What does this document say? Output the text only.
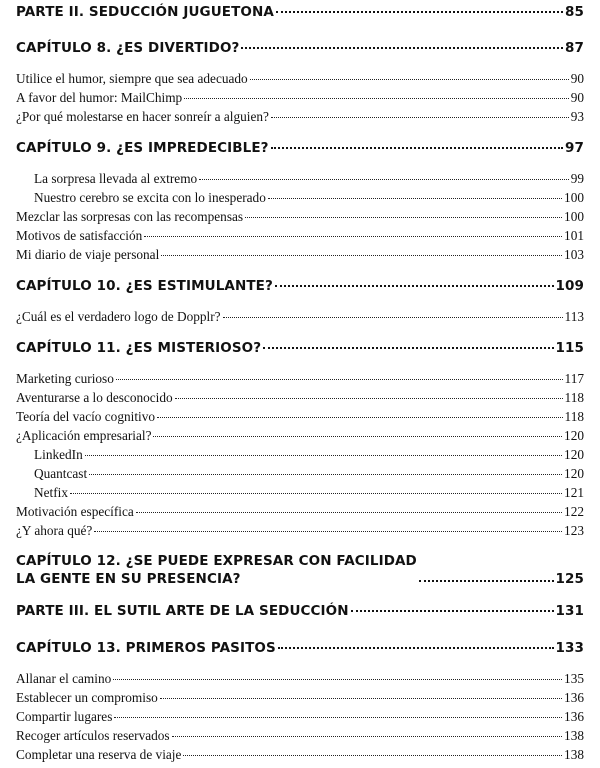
PARTE II. SEDUCCIÓN JUGUETONA	85
CAPÍTULO 8. ¿ES DIVERTIDO?	87
Utilice el humor, siempre que sea adecuado	90
A favor del humor: MailChimp	90
¿Por qué molestarse en hacer sonreír a alguien?	93
CAPÍTULO 9. ¿ES IMPREDECIBLE?	97
La sorpresa llevada al extremo	99
Nuestro cerebro se excita con lo inesperado	100
Mezclar las sorpresas con las recompensas	100
Motivos de satisfacción	101
Mi diario de viaje personal	103
CAPÍTULO 10. ¿ES ESTIMULANTE?	109
¿Cuál es el verdadero logo de Dopplr?	113
CAPÍTULO 11. ¿ES MISTERIOSO?	115
Marketing curioso	117
Aventurarse a lo desconocido	118
Teoría del vacío cognitivo	118
¿Aplicación empresarial?	120
LinkedIn	120
Quantcast	120
Netfix	121
Motivación específica	122
¿Y ahora qué?	123
CAPÍTULO 12. ¿SE PUEDE EXPRESAR CON FACILIDAD
LA GENTE EN SU PRESENCIA?	125
PARTE III. EL SUTIL ARTE DE LA SEDUCCIÓN	131
CAPÍTULO 13. PRIMEROS PASITOS	133
Allanar el camino	135
Establecer un compromiso	136
Compartir lugares	136
Recoger artículos reservados	138
Completar una reserva de viaje	138
